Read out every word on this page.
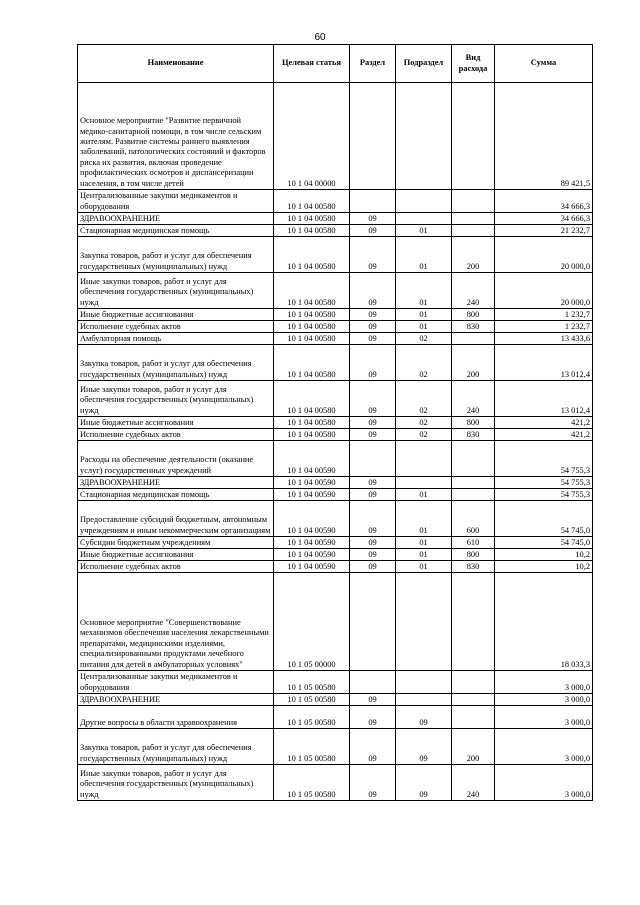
60
Наименование	Целевая статья	Раздел	Подраздел	Вид расхода	Сумма
Основное мероприятие "Развитие первичной медико-санитарной помощи, в том числе сельским жителям. Развитие системы раннего выявления заболеваний, патологических состояний и факторов риска их развития, включая проведение профилактических осмотров и диспансеризации населения, в том числе детей	10 1 04 00000				89 421,5
Централизованные закупки медикаментов и оборудования	10 1 04 00580				34 666,3
ЗДРАВООХРАНЕНИЕ	10 1 04 00580	09			34 666,3
Стационарная медицинская помощь	10 1 04 00580	09	01		21 232,7
Закупка товаров, работ и услуг для обеспечения государственных (муниципальных) нужд	10 1 04 00580	09	01	200	20 000,0
Иные закупки товаров, работ и услуг для обеспечения государственных (муниципальных) нужд	10 1 04 00580	09	01	240	20 000,0
Иные бюджетные ассигнования	10 1 04 00580	09	01	800	1 232,7
Исполнение судебных актов	10 1 04 00580	09	01	830	1 232,7
Амбулаторная помощь	10 1 04 00580	09	02		13 433,6
Закупка товаров, работ и услуг для обеспечения государственных (муниципальных) нужд	10 1 04 00580	09	02	200	13 012,4
Иные закупки товаров, работ и услуг для обеспечения государственных (муниципальных) нужд	10 1 04 00580	09	02	240	13 012,4
Иные бюджетные ассигнования	10 1 04 00580	09	02	800	421,2
Исполнение судебных актов	10 1 04 00580	09	02	830	421,2
Расходы на обеспечение деятельности (оказание услуг) государственных учреждений	10 1 04 00590				54 755,3
ЗДРАВООХРАНЕНИЕ	10 1 04 00590	09			54 755,3
Стационарная медицинская помощь	10 1 04 00590	09	01		54 755,3
Предоставление субсидий бюджетным, автономным учреждениям и иным некоммерческим организациям	10 1 04 00590	09	01	600	54 745,0
Субсидии бюджетным учреждениям	10 1 04 00590	09	01	610	54 745,0
Иные бюджетные ассигнования	10 1 04 00590	09	01	800	10,2
Исполнение судебных актов	10 1 04 00590	09	01	830	10,2
Основное мероприятие "Совершенствование механизмов обеспечения населения лекарственными препаратами, медицинскими изделиями, специализированными продуктами лечебного питания для детей в амбулаторных условиях"	10 1 05 00000				18 033,3
Централизованные закупки медикаментов и оборудования	10 1 05 00580				3 000,0
ЗДРАВООХРАНЕНИЕ	10 1 05 00580	09			3 000,0
Другие вопросы в области здравоохранения	10 1 05 00580	09	09		3 000,0
Закупка товаров, работ и услуг для обеспечения государственных (муниципальных) нужд	10 1 05 00580	09	09	200	3 000,0
Иные закупки товаров, работ и услуг для обеспечения государственных (муниципальных) нужд	10 1 05 00580	09	09	240	3 000,0
